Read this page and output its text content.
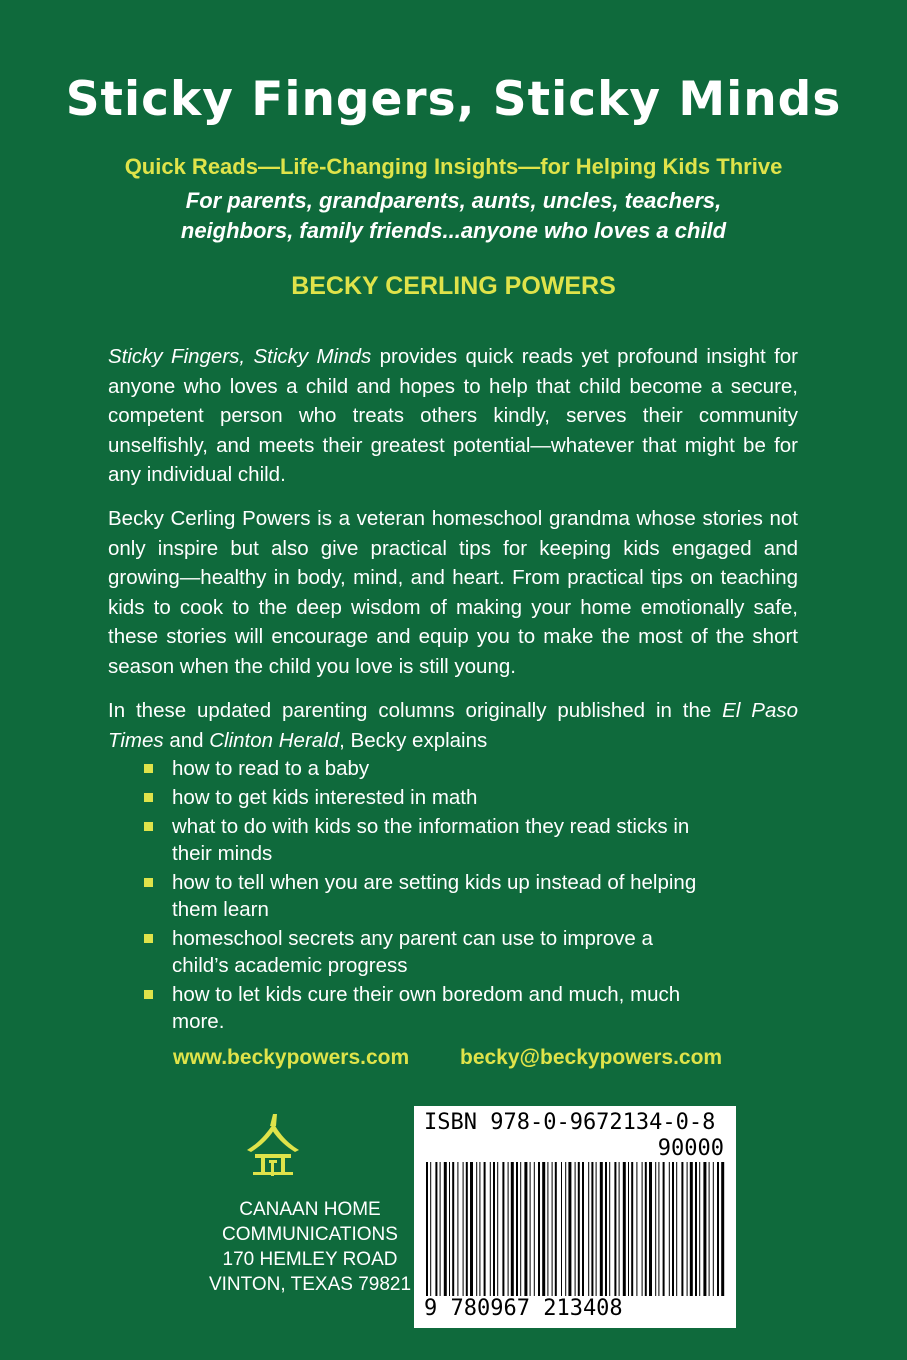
Sticky Fingers, Sticky Minds
Quick Reads—Life-Changing Insights—for Helping Kids Thrive
For parents, grandparents, aunts, uncles, teachers,
neighbors, family friends...anyone who loves a child
BECKY CERLING POWERS
Sticky Fingers, Sticky Minds provides quick reads yet profound insight for anyone who loves a child and hopes to help that child become a secure, competent person who treats others kindly, serves their community unselfishly, and meets their greatest potential—whatever that might be for any individual child.
Becky Cerling Powers is a veteran homeschool grandma whose stories not only inspire but also give practical tips for keeping kids engaged and growing—healthy in body, mind, and heart. From practical tips on teaching kids to cook to the deep wisdom of making your home emotionally safe, these stories will encourage and equip you to make the most of the short season when the child you love is still young.
In these updated parenting columns originally published in the El Paso Times and Clinton Herald, Becky explains
how to read to a baby
how to get kids interested in math
what to do with kids so the information they read sticks in their minds
how to tell when you are setting kids up instead of helping them learn
homeschool secrets any parent can use to improve a child’s academic progress
how to let kids cure their own boredom and much, much more.
www.beckypowers.com becky@beckypowers.com
CANAAN HOME
COMMUNICATIONS
170 HEMLEY ROAD
VINTON, TEXAS 79821
ISBN 978-0-9672134-0-8
90000
9 780967 213408
